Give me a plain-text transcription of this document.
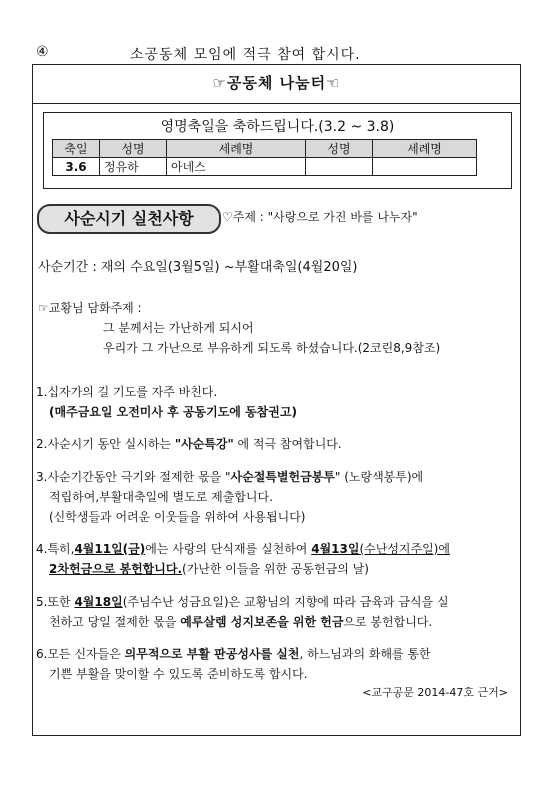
④	소공동체 모임에 적극 참여 합시다.
☞공동체 나눔터☜
영명축일을 축하드립니다.(3.2 ~ 3.8)
축일	성명	세례명	성명	세례명
3.6	정유하	아네스		
사순시기 실천사항	♡주제 : "사랑으로 가진 바를 나누자"
사순기간 : 재의 수요일(3월5일) ~부활대축일(4월20일)
☞교황님 담화주제 :
그 분께서는 가난하게 되시어
우리가 그 가난으로 부유하게 되도록 하셨습니다.(2코린8,9참조)
1.십자가의 길 기도를 자주 바친다.
(매주금요일 오전미사 후 공동기도에 동참권고)
2.사순시기 동안 실시하는 "사순특강" 에 적극 참여합니다.
3.사순기간동안 극기와 절제한 몫을 "사순절특별헌금봉투" (노랑색봉투)에
적립하여,부활대축일에 별도로 제출합니다.
(신학생들과 어려운 이웃들을 위하여 사용됩니다)
4.특히,4월11일(금)에는 사랑의 단식재를 실천하여 4월13일(수난성지주일)에
2차헌금으로 봉헌합니다.(가난한 이들을 위한 공동헌금의 날)
5.또한 4월18일(주님수난 성금요일)은 교황님의 지향에 따라 금육과 금식을 실
천하고 당일 절제한 몫을 예루살렘 성지보존을 위한 헌금으로 봉헌합니다.
6.모든 신자들은 의무적으로 부활 판공성사를 실천, 하느님과의 화해를 통한
기쁜 부활을 맞이할 수 있도록 준비하도록 합시다.
<교구공문 2014-47호 근거>
